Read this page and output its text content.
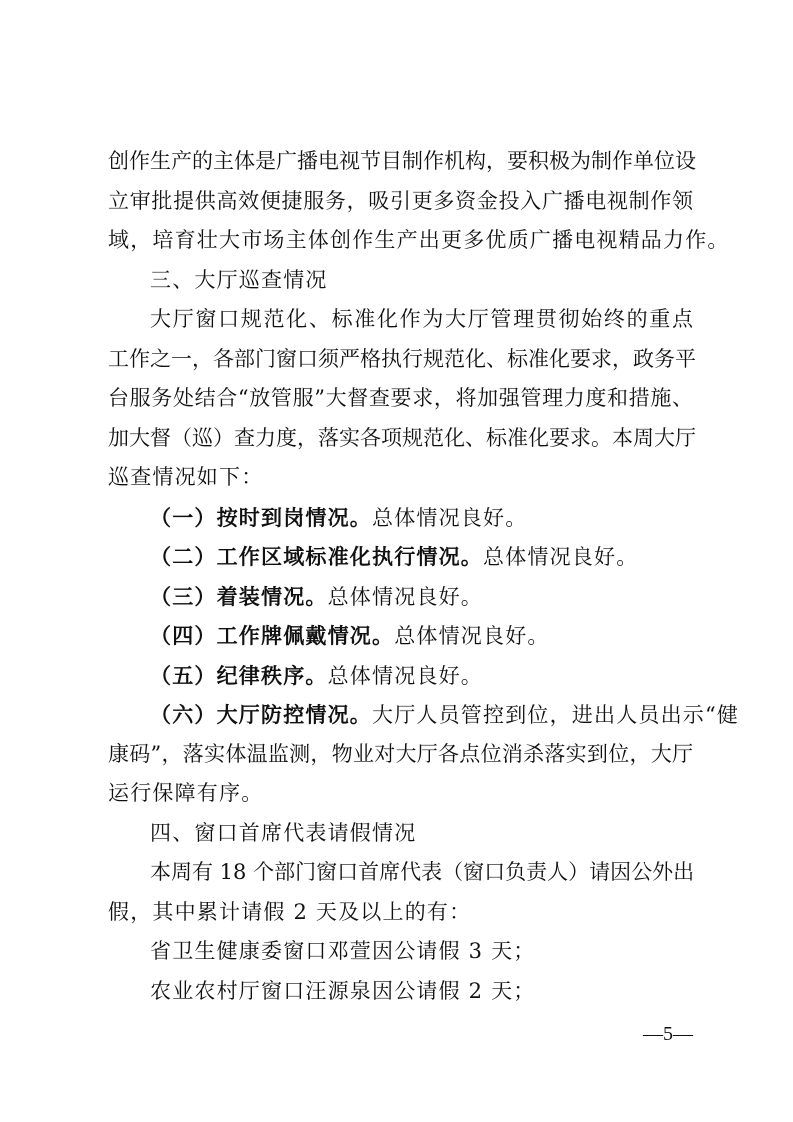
创作生产的主体是广播电视节目制作机构，要积极为制作单位设

立审批提供高效便捷服务，吸引更多资金投入广播电视制作领

域，培育壮大市场主体创作生产出更多优质广播电视精品力作。

三、大厅巡查情况

大厅窗口规范化、标准化作为大厅管理贯彻始终的重点

工作之一，各部门窗口须严格执行规范化、标准化要求，政务平

台服务处结合“放管服”大督查要求，将加强管理力度和措施、

加大督（巡）查力度，落实各项规范化、标准化要求。本周大厅

巡查情况如下：

（一）按时到岗情况。总体情况良好。

（二）工作区域标准化执行情况。总体情况良好。

（三）着装情况。总体情况良好。

（四）工作牌佩戴情况。总体情况良好。

（五）纪律秩序。总体情况良好。

（六）大厅防控情况。大厅人员管控到位，进出人员出示“健

康码”，落实体温监测，物业对大厅各点位消杀落实到位，大厅

运行保障有序。

四、窗口首席代表请假情况

本周有 18 个部门窗口首席代表（窗口负责人）请因公外出

假，其中累计请假 2 天及以上的有：

省卫生健康委窗口邓萱因公请假 3 天；

农业农村厅窗口汪源泉因公请假 2 天；

—5—
